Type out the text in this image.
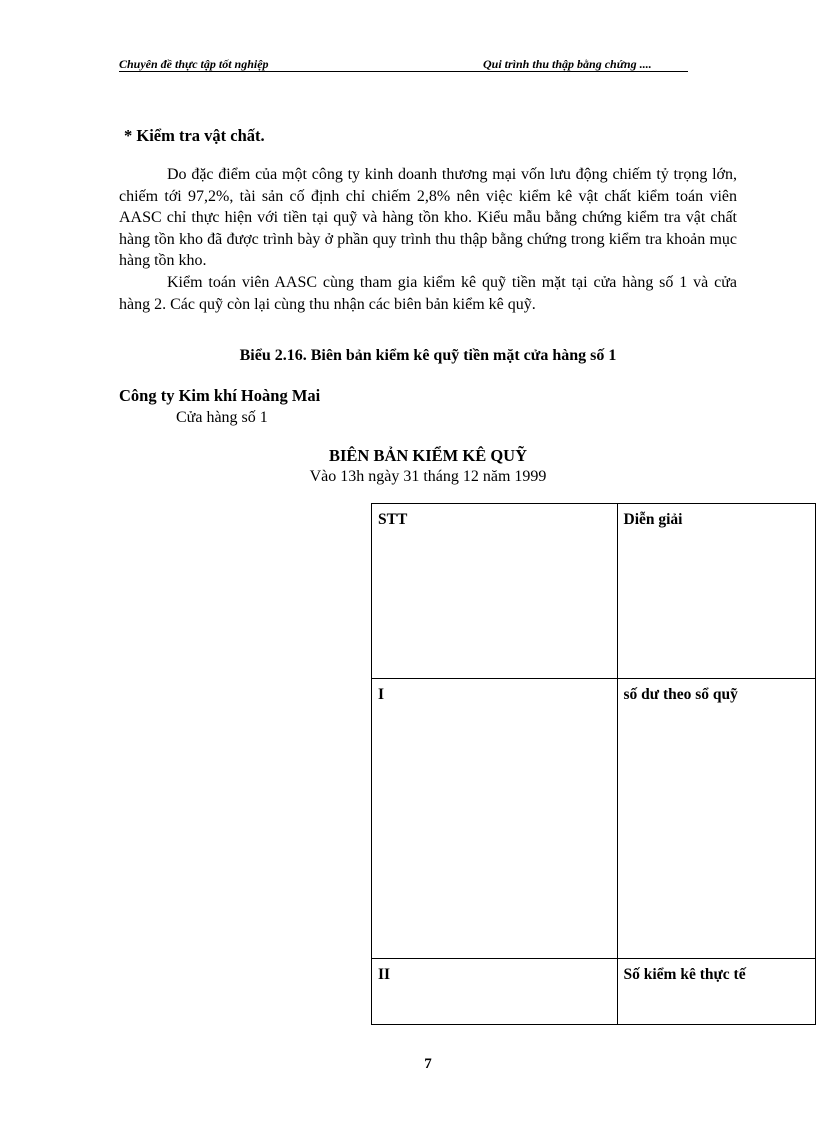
Chuyên đề thực tập tốt nghiệp	Qui trình thu thập bằng chứng ....
* Kiểm tra vật chất.
Do đặc điểm của một công ty kinh doanh thương mại vốn lưu động chiếm tỷ trọng lớn, chiếm tới 97,2%, tài sản cố định chỉ chiếm 2,8% nên việc kiểm kê vật chất kiểm toán viên AASC chỉ thực hiện với tiền tại quỹ và hàng tồn kho. Kiểu mẫu bằng chứng kiểm tra vật chất hàng tồn kho đã được trình bày ở phần quy trình thu thập bằng chứng trong kiểm tra khoản mục hàng tồn kho.
Kiểm toán viên AASC cùng tham gia kiểm kê quỹ tiền mặt tại cửa hàng số 1 và cửa hàng 2. Các quỹ còn lại cùng thu nhận các biên bản kiểm kê quỹ.
Biểu 2.16. Biên bản kiểm kê quỹ tiền mặt cửa hàng số 1
Công ty Kim khí Hoàng Mai
Cửa hàng số 1
BIÊN BẢN KIỂM KÊ QUỸ
Vào 13h ngày 31 tháng 12 năm 1999
STT	Diễn giải
I	số dư theo sổ quỹ
II	Số kiểm kê thực tế
7
